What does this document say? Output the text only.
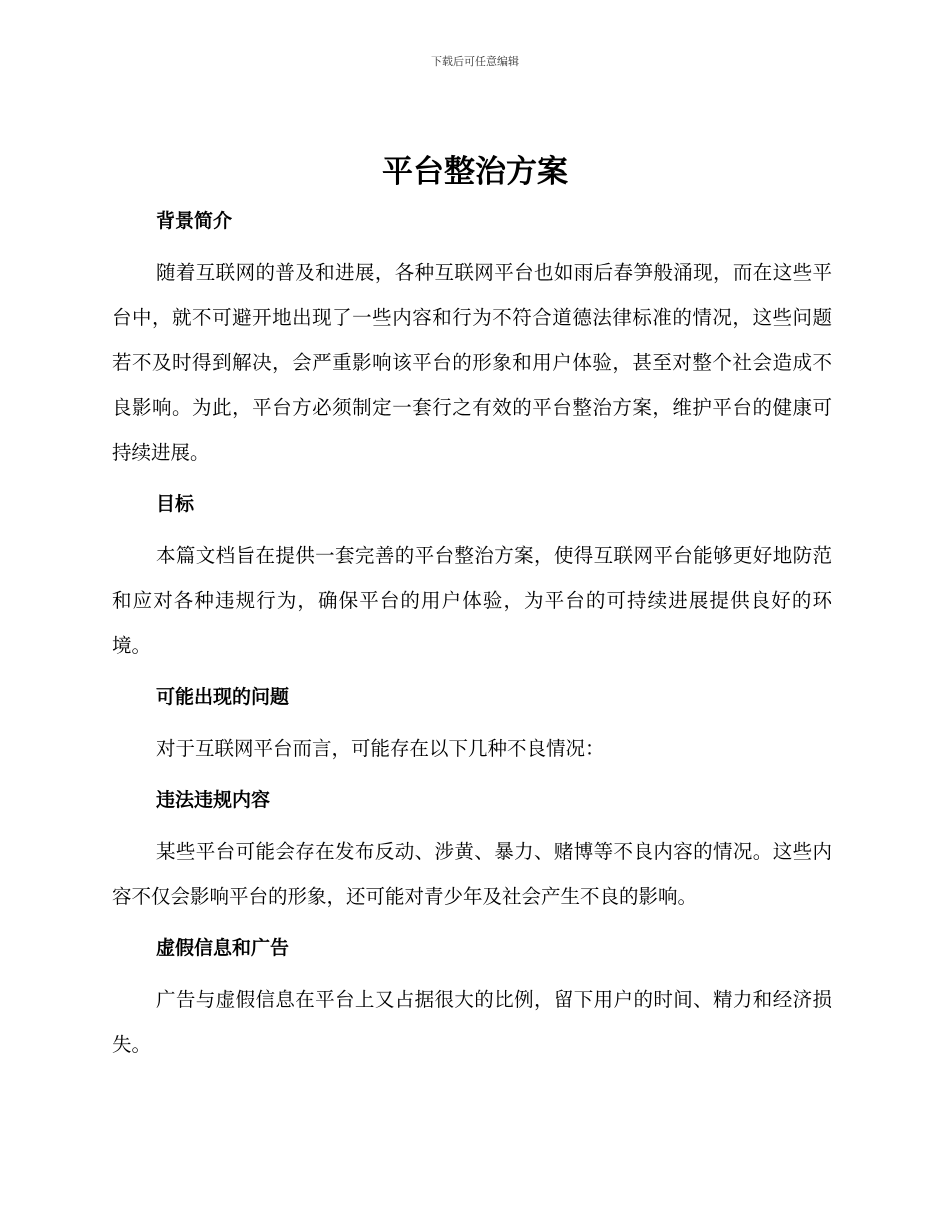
下载后可任意编辑
平台整治方案
背景简介

随着互联网的普及和进展，各种互联网平台也如雨后春笋般涌现，而在这些平台中，就不可避开地出现了一些内容和行为不符合道德法律标准的情况，这些问题若不及时得到解决，会严重影响该平台的形象和用户体验，甚至对整个社会造成不良影响。为此，平台方必须制定一套行之有效的平台整治方案，维护平台的健康可持续进展。

目标

本篇文档旨在提供一套完善的平台整治方案，使得互联网平台能够更好地防范和应对各种违规行为，确保平台的用户体验，为平台的可持续进展提供良好的环境。

可能出现的问题

对于互联网平台而言，可能存在以下几种不良情况：

违法违规内容

某些平台可能会存在发布反动、涉黄、暴力、赌博等不良内容的情况。这些内容不仅会影响平台的形象，还可能对青少年及社会产生不良的影响。

虚假信息和广告

广告与虚假信息在平台上又占据很大的比例，留下用户的时间、精力和经济损失。
